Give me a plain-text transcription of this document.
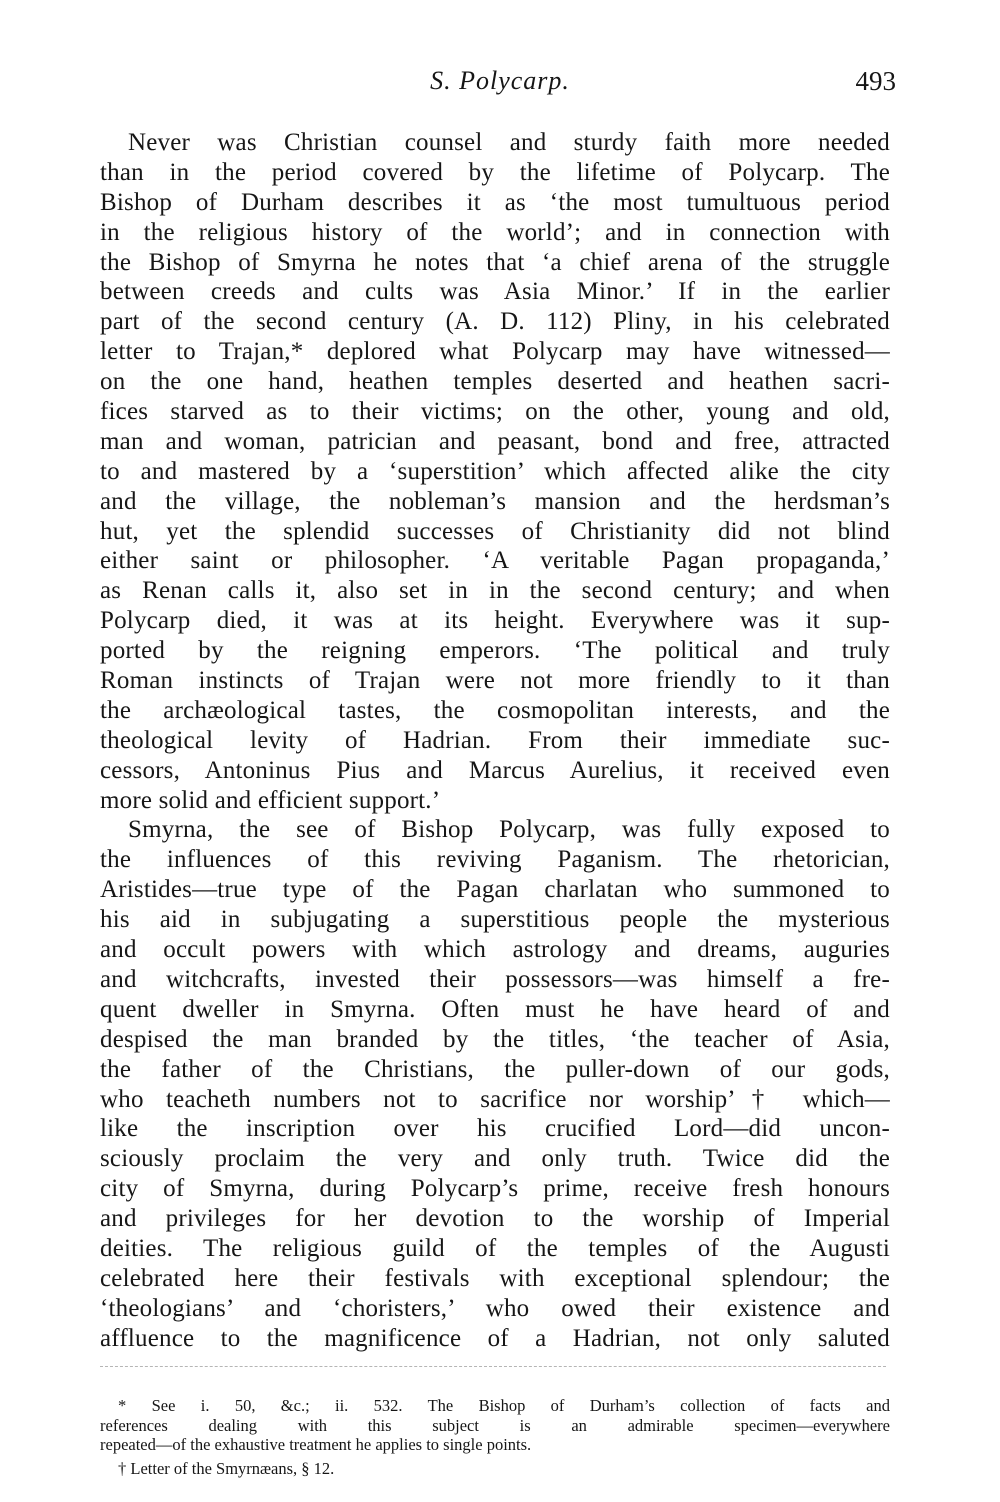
S. Polycarp.	493
Never was Christian counsel and sturdy faith more needed
than in the period covered by the lifetime of Polycarp. The
Bishop of Durham describes it as ‘the most tumultuous period
in the religious history of the world’; and in connection with
the Bishop of Smyrna he notes that ‘a chief arena of the struggle
between creeds and cults was Asia Minor.’ If in the earlier
part of the second century (A. D. 112) Pliny, in his celebrated
letter to Trajan,* deplored what Polycarp may have witnessed—
on the one hand, heathen temples deserted and heathen sacri-
fices starved as to their victims; on the other, young and old,
man and woman, patrician and peasant, bond and free, attracted
to and mastered by a ‘superstition’ which affected alike the city
and the village, the nobleman’s mansion and the herdsman’s
hut, yet the splendid successes of Christianity did not blind
either saint or philosopher. ‘A veritable Pagan propaganda,’
as Renan calls it, also set in in the second century; and when
Polycarp died, it was at its height. Everywhere was it sup-
ported by the reigning emperors. ‘The political and truly
Roman instincts of Trajan were not more friendly to it than
the archæological tastes, the cosmopolitan interests, and the
theological levity of Hadrian. From their immediate suc-
cessors, Antoninus Pius and Marcus Aurelius, it received even
more solid and efficient support.’
Smyrna, the see of Bishop Polycarp, was fully exposed to
the influences of this reviving Paganism. The rhetorician,
Aristides—true type of the Pagan charlatan who summoned to
his aid in subjugating a superstitious people the mysterious
and occult powers with which astrology and dreams, auguries
and witchcrafts, invested their possessors—was himself a fre-
quent dweller in Smyrna. Often must he have heard of and
despised the man branded by the titles, ‘the teacher of Asia,
the father of the Christians, the puller-down of our gods,
who teacheth numbers not to sacrifice nor worship’† which—
like the inscription over his crucified Lord—did uncon-
sciously proclaim the very and only truth. Twice did the
city of Smyrna, during Polycarp’s prime, receive fresh honours
and privileges for her devotion to the worship of Imperial
deities. The religious guild of the temples of the Augusti
celebrated here their festivals with exceptional splendour; the
‘theologians’ and ‘choristers,’ who owed their existence and
affluence to the magnificence of a Hadrian, not only saluted
* See i. 50, &c.; ii. 532. The Bishop of Durham’s collection of facts and
references dealing with this subject is an admirable specimen—everywhere
repeated—of the exhaustive treatment he applies to single points.
† Letter of the Smyrnæans, § 12.
